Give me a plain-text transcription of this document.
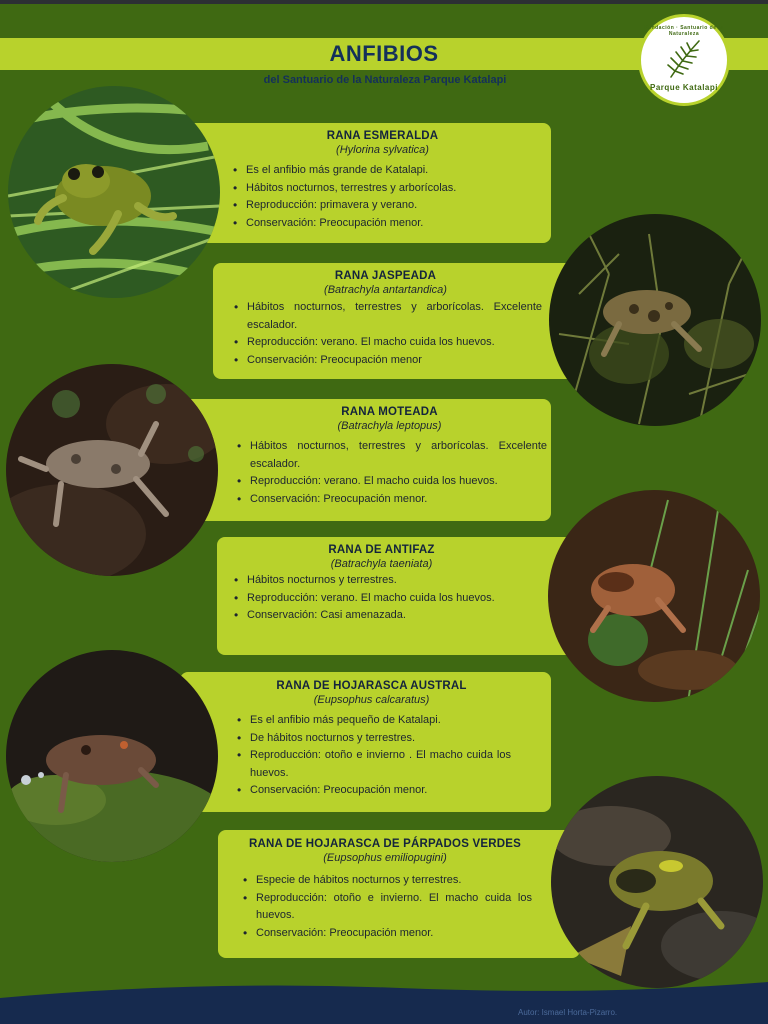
ANFIBIOS
del Santuario de la Naturaleza Parque Katalapi
Fundación · Santuario de la Naturaleza
Parque Katalapi
RANA ESMERALDA
(Hylorina sylvatica)
• Es el anfibio más grande de Katalapi.
• Hábitos nocturnos, terrestres y arborícolas.
• Reproducción: primavera y verano.
• Conservación: Preocupación menor.
RANA JASPEADA
(Batrachyla antartandica)
• Hábitos nocturnos, terrestres y arborícolas. Excelente escalador.
• Reproducción: verano. El macho cuida los huevos.
• Conservación: Preocupación menor
RANA MOTEADA
(Batrachyla leptopus)
• Hábitos nocturnos, terrestres y arborícolas. Excelente escalador.
• Reproducción: verano. El macho cuida los huevos.
• Conservación: Preocupación menor.
RANA DE ANTIFAZ
(Batrachyla taeniata)
• Hábitos nocturnos y terrestres.
• Reproducción: verano. El macho cuida los huevos.
• Conservación: Casi amenazada.
RANA DE HOJARASCA AUSTRAL
(Eupsophus calcaratus)
• Es el anfibio más pequeño de Katalapi.
• De hábitos nocturnos y terrestres.
• Reproducción: otoño e invierno . El macho cuida los huevos.
• Conservación: Preocupación menor.
RANA DE HOJARASCA DE PÁRPADOS VERDES
(Eupsophus emiliopugini)
• Especie de hábitos nocturnos y terrestres.
• Reproducción: otoño e invierno. El macho cuida los huevos.
• Conservación: Preocupación menor.
Autor: Ismael Horta-Pizarro.
